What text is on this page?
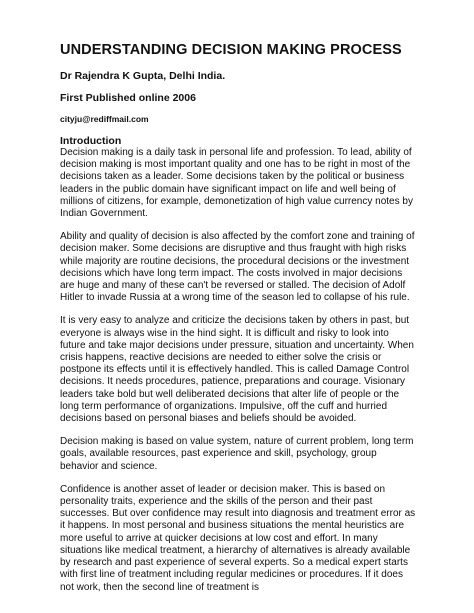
UNDERSTANDING DECISION MAKING PROCESS
Dr Rajendra K Gupta, Delhi India.
First Published online 2006
cityju@rediffmail.com
Introduction

Decision making is a daily task in personal life and profession. To lead, ability of decision making is most important quality and one has to be right in most of the decisions taken as a leader. Some decisions taken by the political or business leaders in the public domain have significant impact on life and well being of millions of citizens, for example, demonetization of high value currency notes by Indian Government.

Ability and quality of decision is also affected by the comfort zone and training of decision maker. Some decisions are disruptive and thus fraught with high risks while majority are routine decisions, the procedural decisions or the investment decisions which have long term impact. The costs involved in major decisions are huge and many of these can't be reversed or stalled. The decision of Adolf Hitler to invade Russia at a wrong time of the season led to collapse of his rule.

It is very easy to analyze and criticize the decisions taken by others in past, but everyone is always wise in the hind sight. It is difficult and risky to look into future and take major decisions under pressure, situation and uncertainty. When crisis happens, reactive decisions are needed to either solve the crisis or postpone its effects until it is effectively handled. This is called Damage Control decisions. It needs procedures, patience, preparations and courage. Visionary leaders take bold but well deliberated decisions that alter life of people or the long term performance of organizations. Impulsive, off the cuff and hurried decisions based on personal biases and beliefs should be avoided.

Decision making is based on value system, nature of current problem, long term goals, available resources, past experience and skill, psychology, group behavior and science.

Confidence is another asset of leader or decision maker. This is based on personality traits, experience and the skills of the person and their past successes. But over confidence may result into diagnosis and treatment error as it happens. In most personal and business situations the mental heuristics are more useful to arrive at quicker decisions at low cost and effort. In many situations like medical treatment, a hierarchy of alternatives is already available by research and past experience of several experts. So a medical expert starts with first line of treatment including regular medicines or procedures. If it does not work, then the second line of treatment is
